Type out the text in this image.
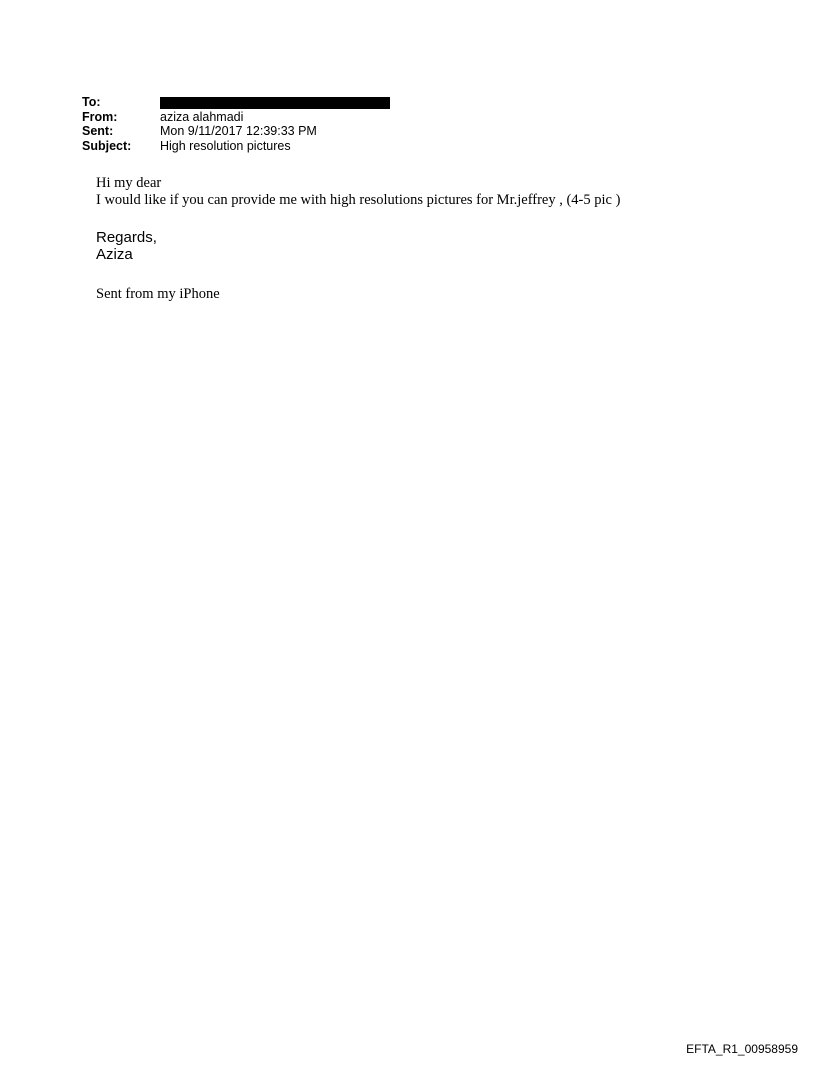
To:
From:	aziza alahmadi
Sent:	Mon 9/11/2017 12:39:33 PM
Subject:	High resolution pictures
Hi my dear
I would like if you can provide me with high resolutions pictures for Mr.jeffrey , (4-5 pic )
Regards,
Aziza
Sent from my iPhone
EFTA_R1_00958959
